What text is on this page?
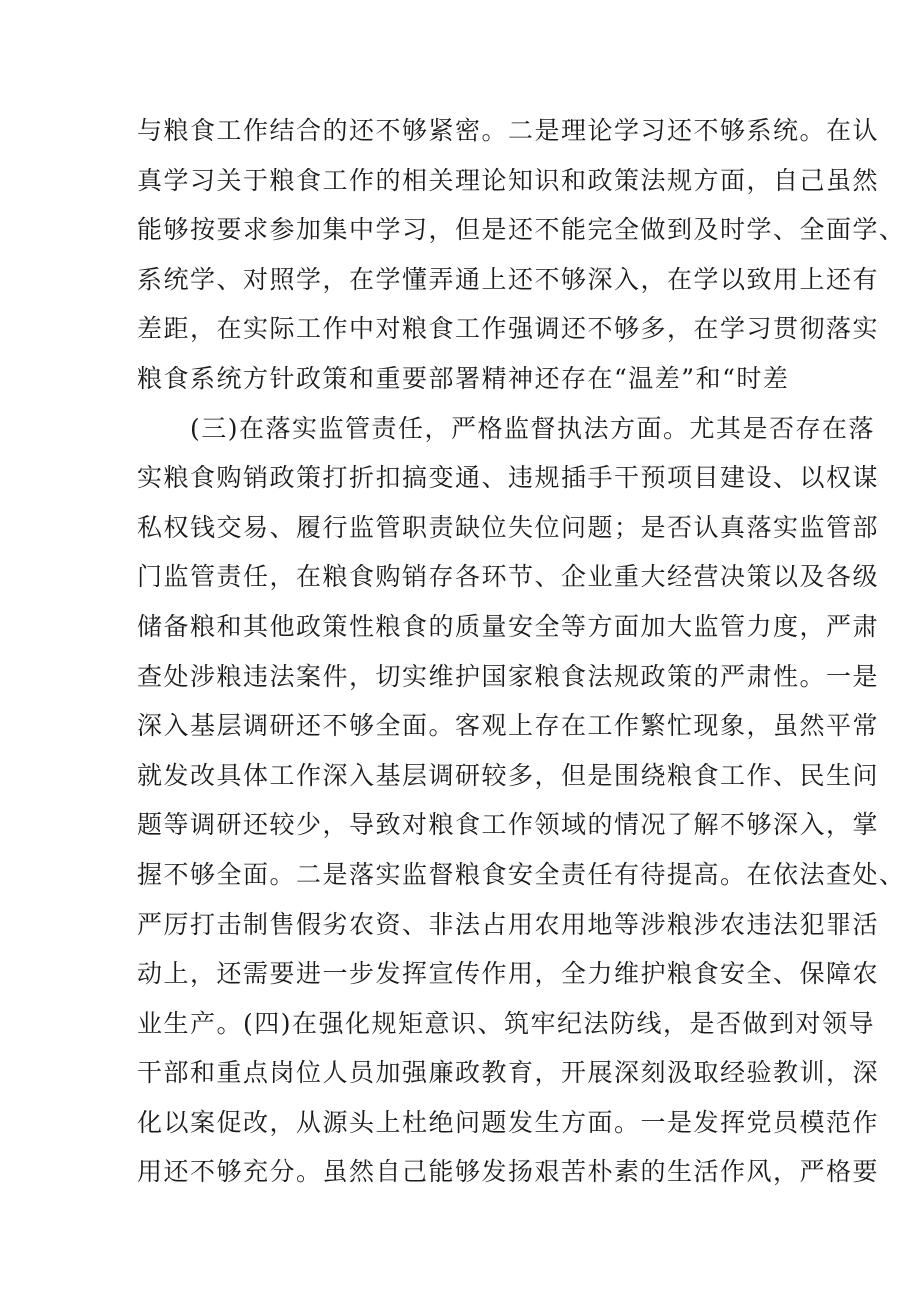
与粮食工作结合的还不够紧密。二是理论学习还不够系统。在认
真学习关于粮食工作的相关理论知识和政策法规方面，自己虽然
能够按要求参加集中学习，但是还不能完全做到及时学、全面学、
系统学、对照学，在学懂弄通上还不够深入，在学以致用上还有
差距，在实际工作中对粮食工作强调还不够多，在学习贯彻落实
粮食系统方针政策和重要部署精神还存在“温差”和“时差
(三)在落实监管责任，严格监督执法方面。尤其是否存在落
实粮食购销政策打折扣搞变通、违规插手干预项目建设、以权谋
私权钱交易、履行监管职责缺位失位问题；是否认真落实监管部
门监管责任，在粮食购销存各环节、企业重大经营决策以及各级
储备粮和其他政策性粮食的质量安全等方面加大监管力度，严肃
查处涉粮违法案件，切实维护国家粮食法规政策的严肃性。一是
深入基层调研还不够全面。客观上存在工作繁忙现象，虽然平常
就发改具体工作深入基层调研较多，但是围绕粮食工作、民生问
题等调研还较少，导致对粮食工作领域的情况了解不够深入，掌
握不够全面。二是落实监督粮食安全责任有待提高。在依法查处、
严厉打击制售假劣农资、非法占用农用地等涉粮涉农违法犯罪活
动上，还需要进一步发挥宣传作用，全力维护粮食安全、保障农
业生产。(四)在强化规矩意识、筑牢纪法防线，是否做到对领导
干部和重点岗位人员加强廉政教育，开展深刻汲取经验教训，深
化以案促改，从源头上杜绝问题发生方面。一是发挥党员模范作
用还不够充分。虽然自己能够发扬艰苦朴素的生活作风，严格要
